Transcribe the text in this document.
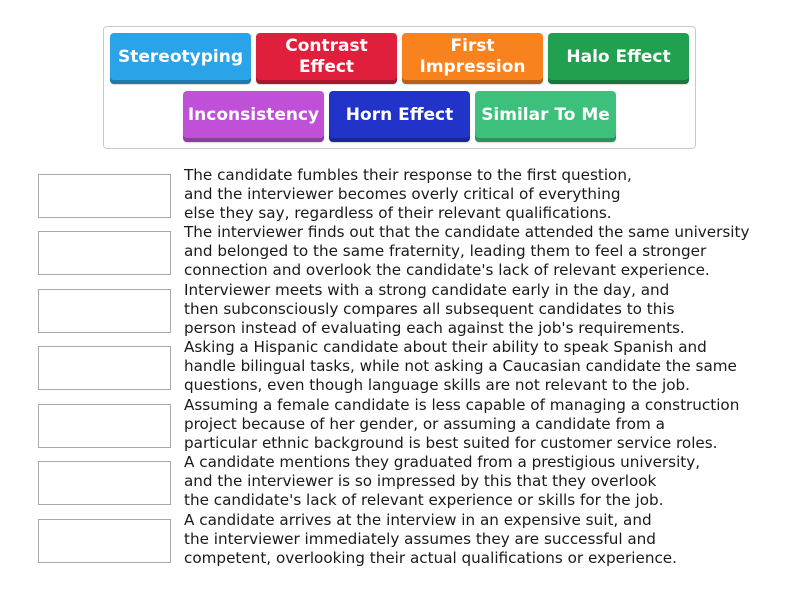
Stereotyping
Contrast
Effect
First
Impression
Halo Effect
Inconsistency Horn Effect Similar To Me
The candidate fumbles their response to the first question,
and the interviewer becomes overly critical of everything
else they say, regardless of their relevant qualifications.
The interviewer finds out that the candidate attended the same university
and belonged to the same fraternity, leading them to feel a stronger
connection and overlook the candidate's lack of relevant experience.
Interviewer meets with a strong candidate early in the day, and
then subconsciously compares all subsequent candidates to this
person instead of evaluating each against the job's requirements.
Asking a Hispanic candidate about their ability to speak Spanish and
handle bilingual tasks, while not asking a Caucasian candidate the same
questions, even though language skills are not relevant to the job.
Assuming a female candidate is less capable of managing a construction
project because of her gender, or assuming a candidate from a
particular ethnic background is best suited for customer service roles.
A candidate mentions they graduated from a prestigious university,
and the interviewer is so impressed by this that they overlook
the candidate's lack of relevant experience or skills for the job.
A candidate arrives at the interview in an expensive suit, and
the interviewer immediately assumes they are successful and
competent, overlooking their actual qualifications or experience.
